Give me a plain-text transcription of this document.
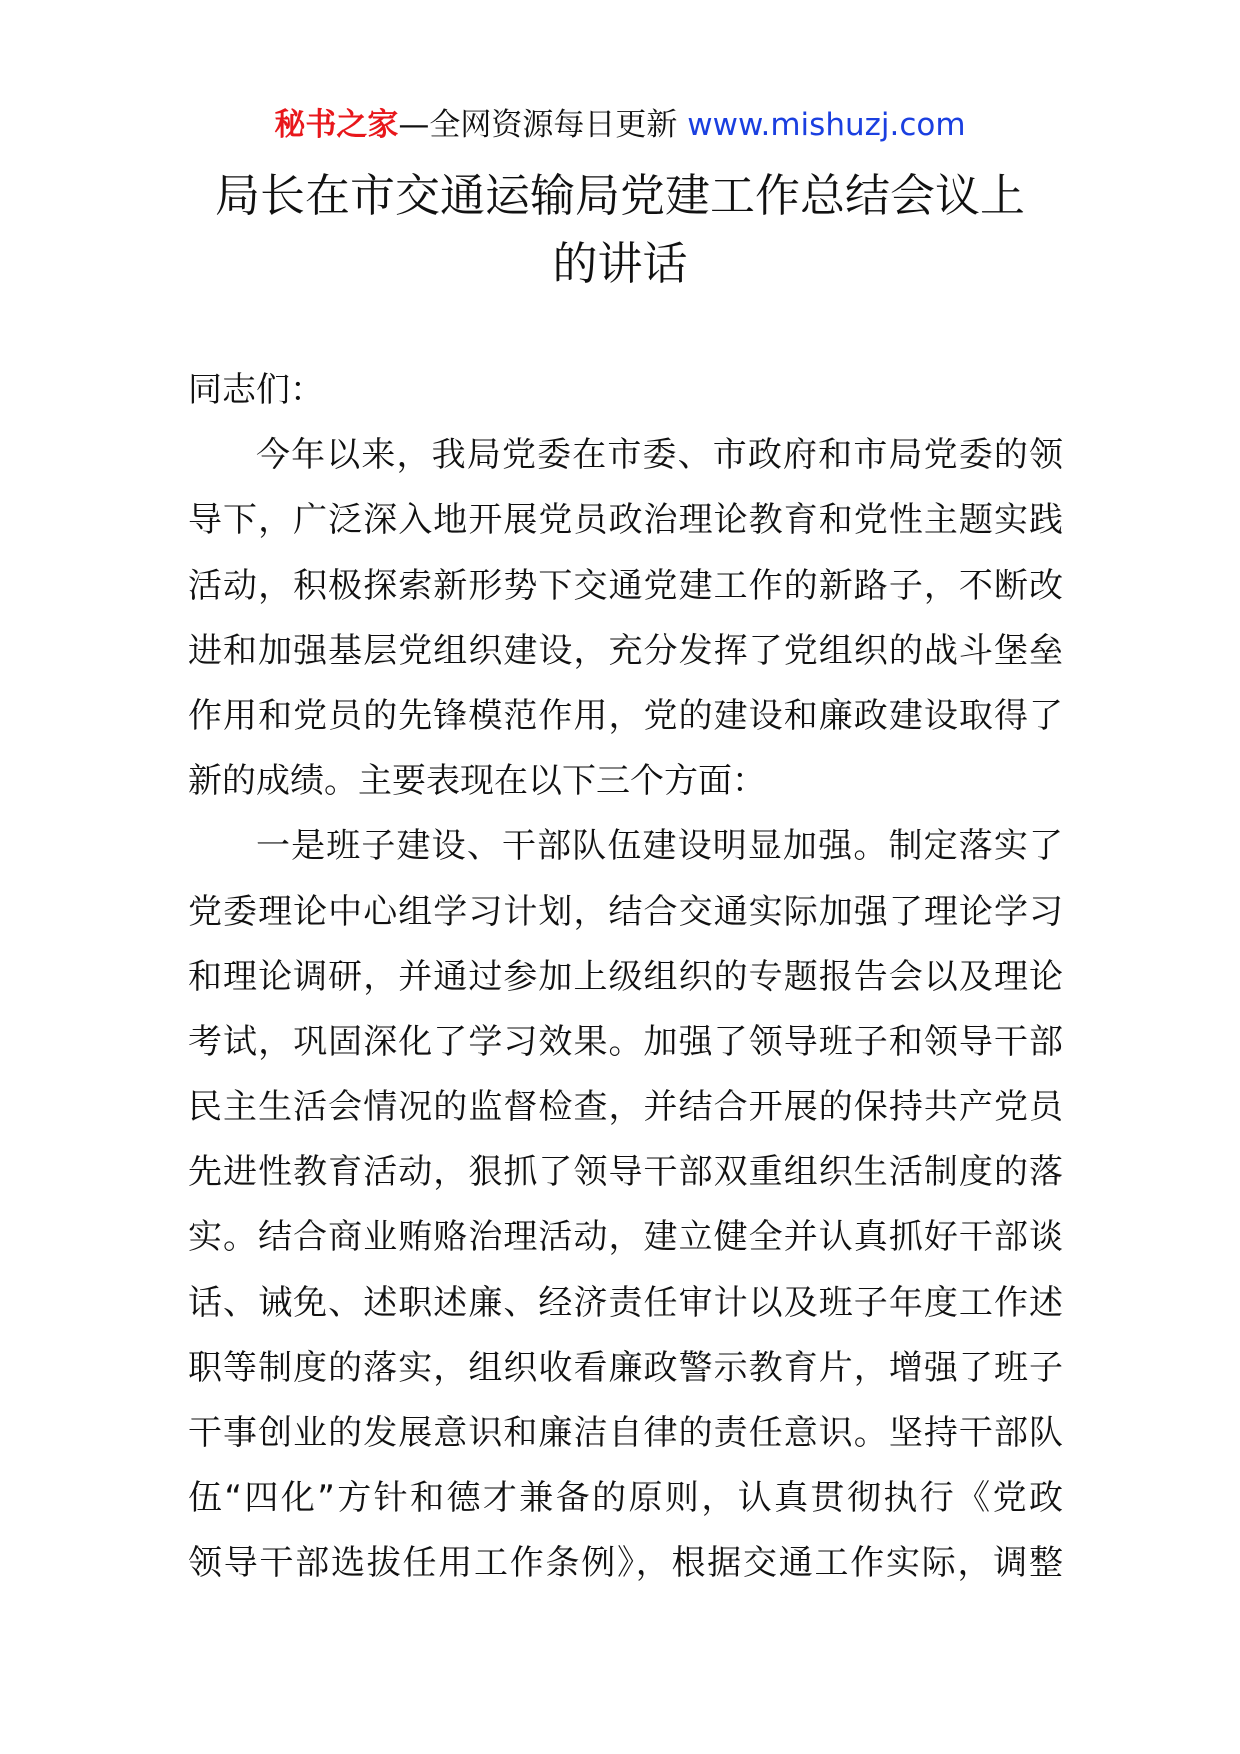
秘书之家—全网资源每日更新 www.mishuzj.com
局长在市交通运输局党建工作总结会议上
的讲话
同志们：
今年以来，我局党委在市委、市政府和市局党委的领
导下，广泛深入地开展党员政治理论教育和党性主题实践
活动，积极探索新形势下交通党建工作的新路子，不断改
进和加强基层党组织建设，充分发挥了党组织的战斗堡垒
作用和党员的先锋模范作用，党的建设和廉政建设取得了
新的成绩。主要表现在以下三个方面：
一是班子建设、干部队伍建设明显加强。制定落实了
党委理论中心组学习计划，结合交通实际加强了理论学习
和理论调研，并通过参加上级组织的专题报告会以及理论
考试，巩固深化了学习效果。加强了领导班子和领导干部
民主生活会情况的监督检查，并结合开展的保持共产党员
先进性教育活动，狠抓了领导干部双重组织生活制度的落
实。结合商业贿赂治理活动，建立健全并认真抓好干部谈
话、诫免、述职述廉、经济责任审计以及班子年度工作述
职等制度的落实，组织收看廉政警示教育片，增强了班子
干事创业的发展意识和廉洁自律的责任意识。坚持干部队
伍“四化”方针和德才兼备的原则，认真贯彻执行《党政
领导干部选拔任用工作条例》，根据交通工作实际，调整
